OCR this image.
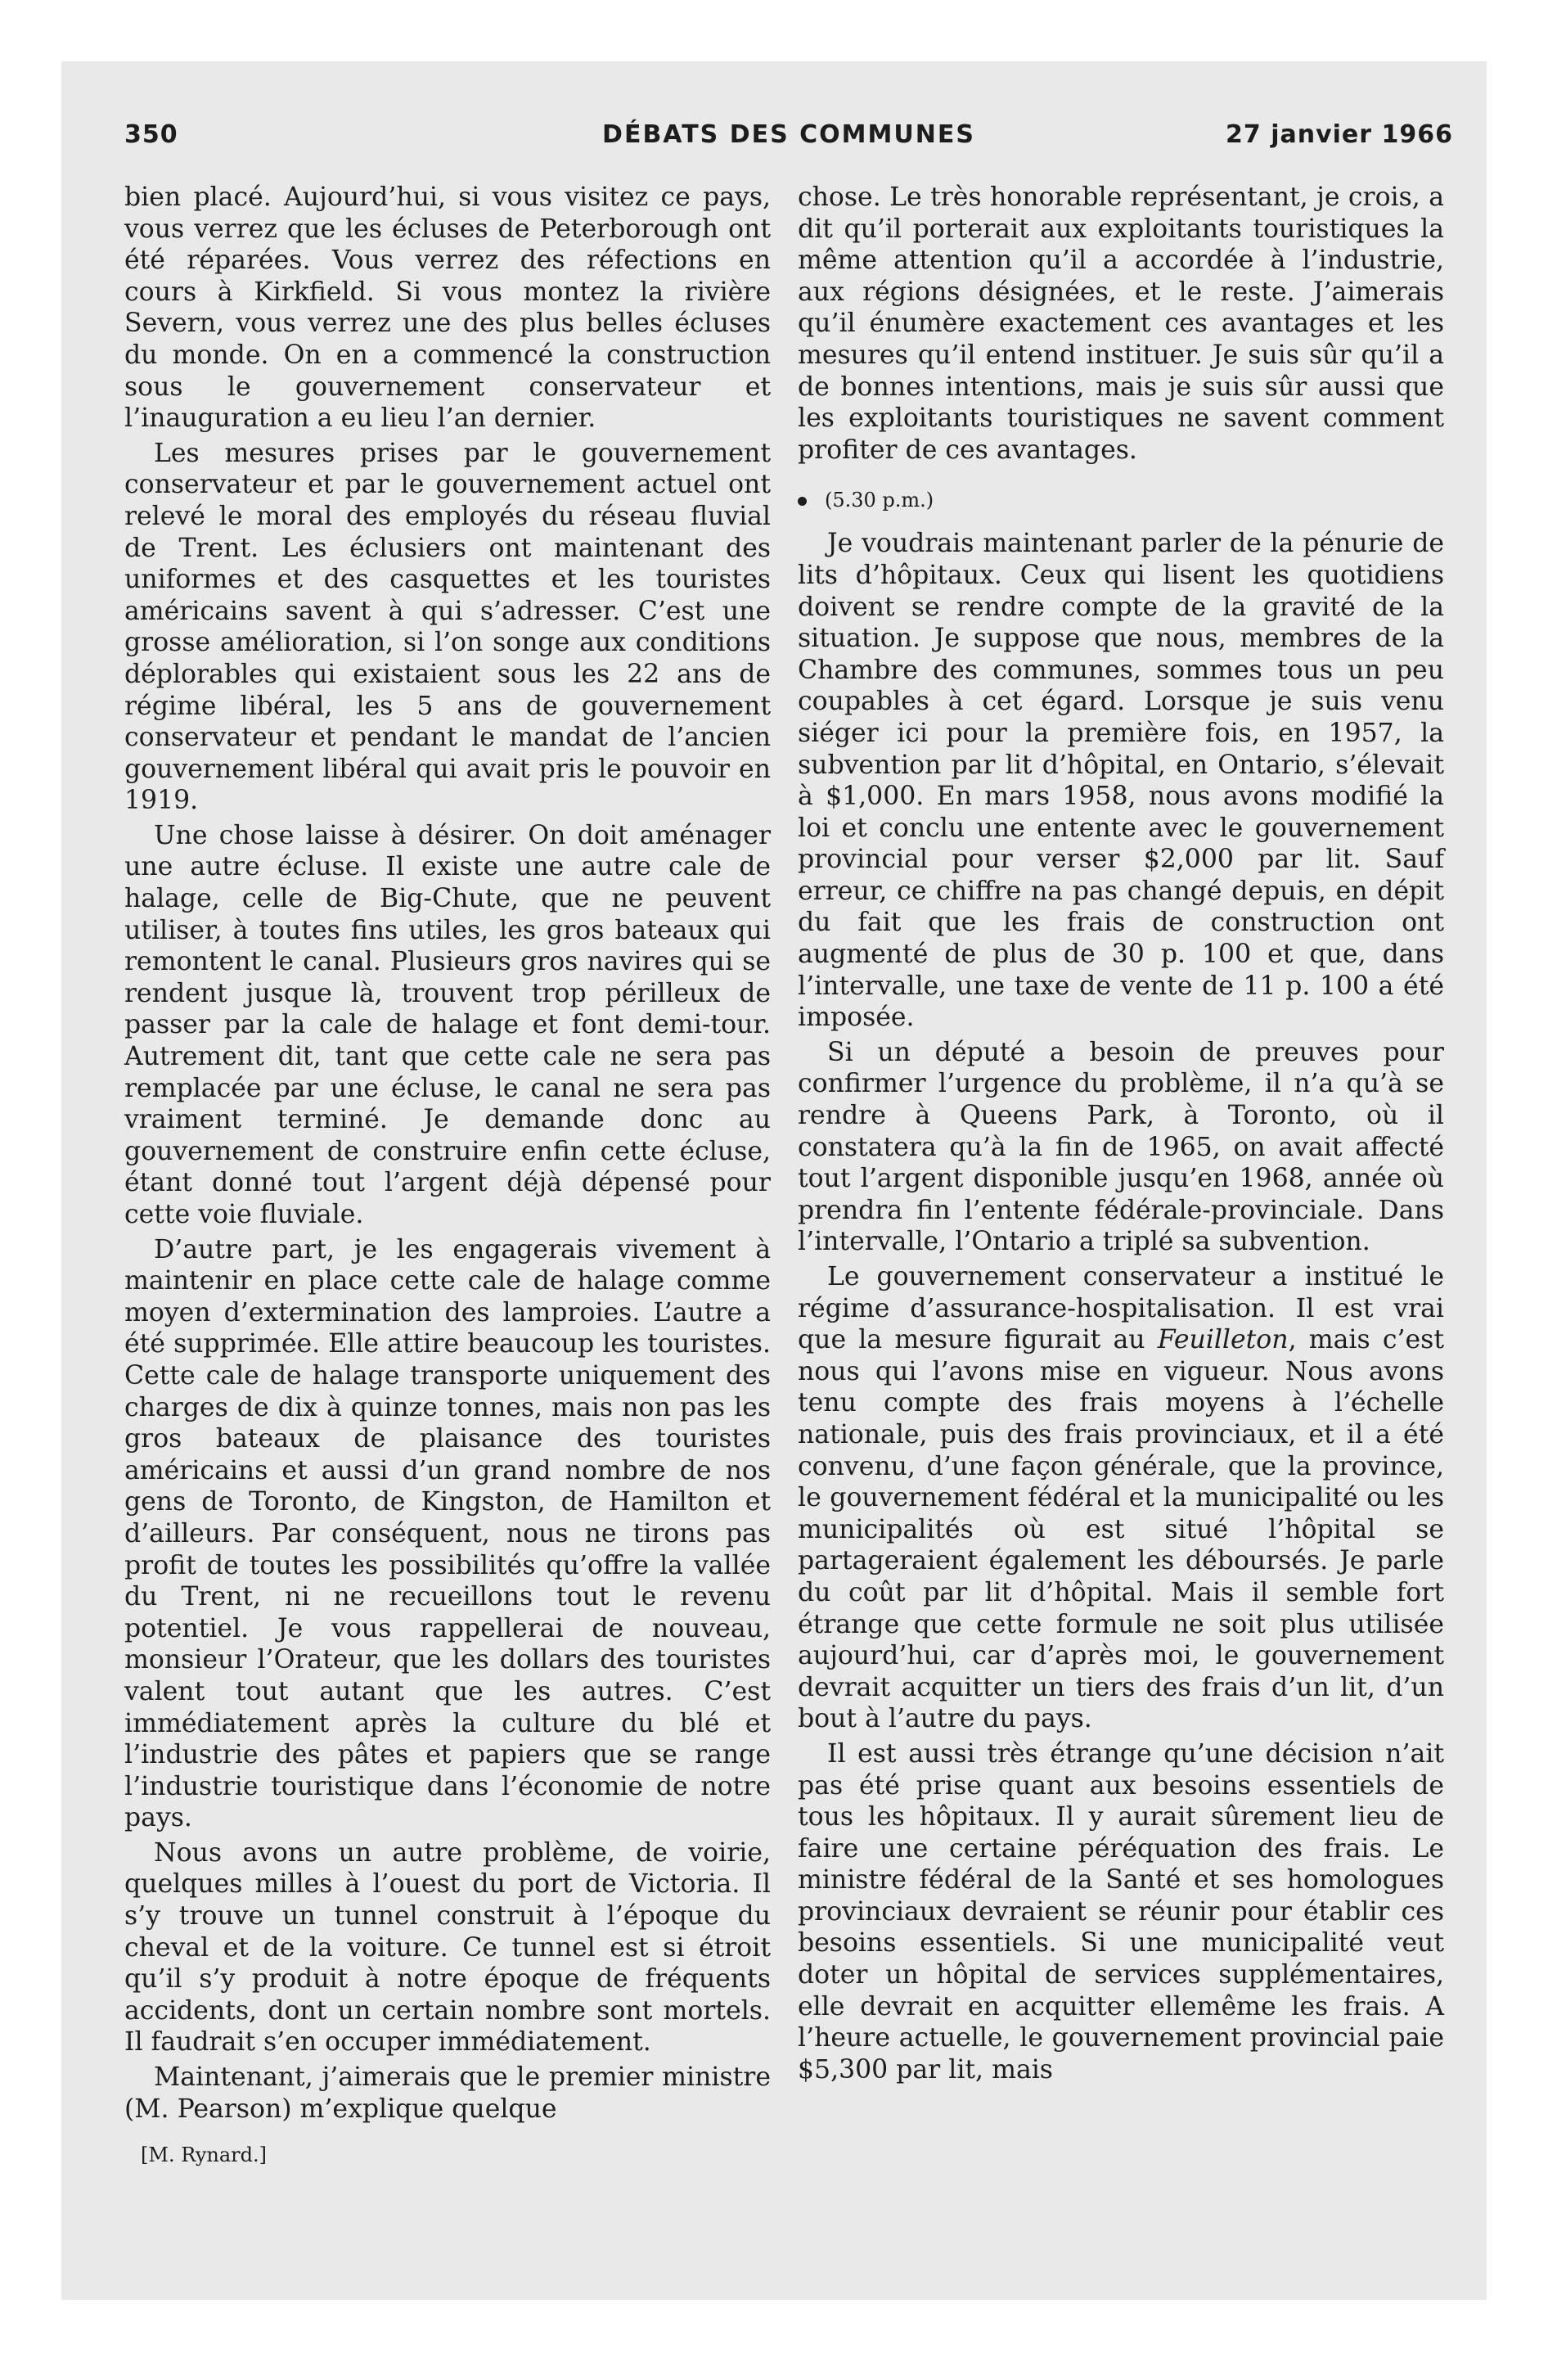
350	DÉBATS DES COMMUNES	27 janvier 1966

bien placé. Aujourd’hui, si vous visitez ce pays, vous verrez que les écluses de Peterborough ont été réparées. Vous verrez des réfections en cours à Kirkfield. Si vous montez la rivière Severn, vous verrez une des plus belles écluses du monde. On en a commencé la construction sous le gouvernement conservateur et l’inauguration a eu lieu l’an dernier.

Les mesures prises par le gouvernement conservateur et par le gouvernement actuel ont relevé le moral des employés du réseau fluvial de Trent. Les éclusiers ont maintenant des uniformes et des casquettes et les touristes américains savent à qui s’adresser. C’est une grosse amélioration, si l’on songe aux conditions déplorables qui existaient sous les 22 ans de régime libéral, les 5 ans de gouvernement conservateur et pendant le mandat de l’ancien gouvernement libéral qui avait pris le pouvoir en 1919.

Une chose laisse à désirer. On doit aménager une autre écluse. Il existe une autre cale de halage, celle de Big-Chute, que ne peuvent utiliser, à toutes fins utiles, les gros bateaux qui remontent le canal. Plusieurs gros navires qui se rendent jusque là, trouvent trop périlleux de passer par la cale de halage et font demi-tour. Autrement dit, tant que cette cale ne sera pas remplacée par une écluse, le canal ne sera pas vraiment terminé. Je demande donc au gouvernement de construire enfin cette écluse, étant donné tout l’argent déjà dépensé pour cette voie fluviale.

D’autre part, je les engagerais vivement à maintenir en place cette cale de halage comme moyen d’extermination des lamproies. L’autre a été supprimée. Elle attire beaucoup les touristes. Cette cale de halage transporte uniquement des charges de dix à quinze tonnes, mais non pas les gros bateaux de plaisance des touristes américains et aussi d’un grand nombre de nos gens de Toronto, de Kingston, de Hamilton et d’ailleurs. Par conséquent, nous ne tirons pas profit de toutes les possibilités qu’offre la vallée du Trent, ni ne recueillons tout le revenu potentiel. Je vous rappellerai de nouveau, monsieur l’Orateur, que les dollars des touristes valent tout autant que les autres. C’est immédiatement après la culture du blé et l’industrie des pâtes et papiers que se range l’industrie touristique dans l’économie de notre pays.

Nous avons un autre problème, de voirie, quelques milles à l’ouest du port de Victoria. Il s’y trouve un tunnel construit à l’époque du cheval et de la voiture. Ce tunnel est si étroit qu’il s’y produit à notre époque de fréquents accidents, dont un certain nombre sont mortels. Il faudrait s’en occuper immédiatement.

Maintenant, j’aimerais que le premier ministre (M. Pearson) m’explique quelque

[M. Rynard.]

chose. Le très honorable représentant, je crois, a dit qu’il porterait aux exploitants touristiques la même attention qu’il a accordée à l’industrie, aux régions désignées, et le reste. J’aimerais qu’il énumère exactement ces avantages et les mesures qu’il entend instituer. Je suis sûr qu’il a de bonnes intentions, mais je suis sûr aussi que les exploitants touristiques ne savent comment profiter de ces avantages.

(5.30 p.m.)

Je voudrais maintenant parler de la pénurie de lits d’hôpitaux. Ceux qui lisent les quotidiens doivent se rendre compte de la gravité de la situation. Je suppose que nous, membres de la Chambre des communes, sommes tous un peu coupables à cet égard. Lorsque je suis venu siéger ici pour la première fois, en 1957, la subvention par lit d’hôpital, en Ontario, s’élevait à $1,000. En mars 1958, nous avons modifié la loi et conclu une entente avec le gouvernement provincial pour verser $2,000 par lit. Sauf erreur, ce chiffre na pas changé depuis, en dépit du fait que les frais de construction ont augmenté de plus de 30 p. 100 et que, dans l’intervalle, une taxe de vente de 11 p. 100 a été imposée.

Si un député a besoin de preuves pour confirmer l’urgence du problème, il n’a qu’à se rendre à Queens Park, à Toronto, où il constatera qu’à la fin de 1965, on avait affecté tout l’argent disponible jusqu’en 1968, année où prendra fin l’entente fédérale-provinciale. Dans l’intervalle, l’Ontario a triplé sa subvention.

Le gouvernement conservateur a institué le régime d’assurance-hospitalisation. Il est vrai que la mesure figurait au Feuilleton, mais c’est nous qui l’avons mise en vigueur. Nous avons tenu compte des frais moyens à l’échelle nationale, puis des frais provinciaux, et il a été convenu, d’une façon générale, que la province, le gouvernement fédéral et la municipalité ou les municipalités où est situé l’hôpital se partageraient également les déboursés. Je parle du coût par lit d’hôpital. Mais il semble fort étrange que cette formule ne soit plus utilisée aujourd’hui, car d’après moi, le gouvernement devrait acquitter un tiers des frais d’un lit, d’un bout à l’autre du pays.

Il est aussi très étrange qu’une décision n’ait pas été prise quant aux besoins essentiels de tous les hôpitaux. Il y aurait sûrement lieu de faire une certaine péréquation des frais. Le ministre fédéral de la Santé et ses homologues provinciaux devraient se réunir pour établir ces besoins essentiels. Si une municipalité veut doter un hôpital de services supplémentaires, elle devrait en acquitter ellemême les frais. A l’heure actuelle, le gouvernement provincial paie $5,300 par lit, mais
